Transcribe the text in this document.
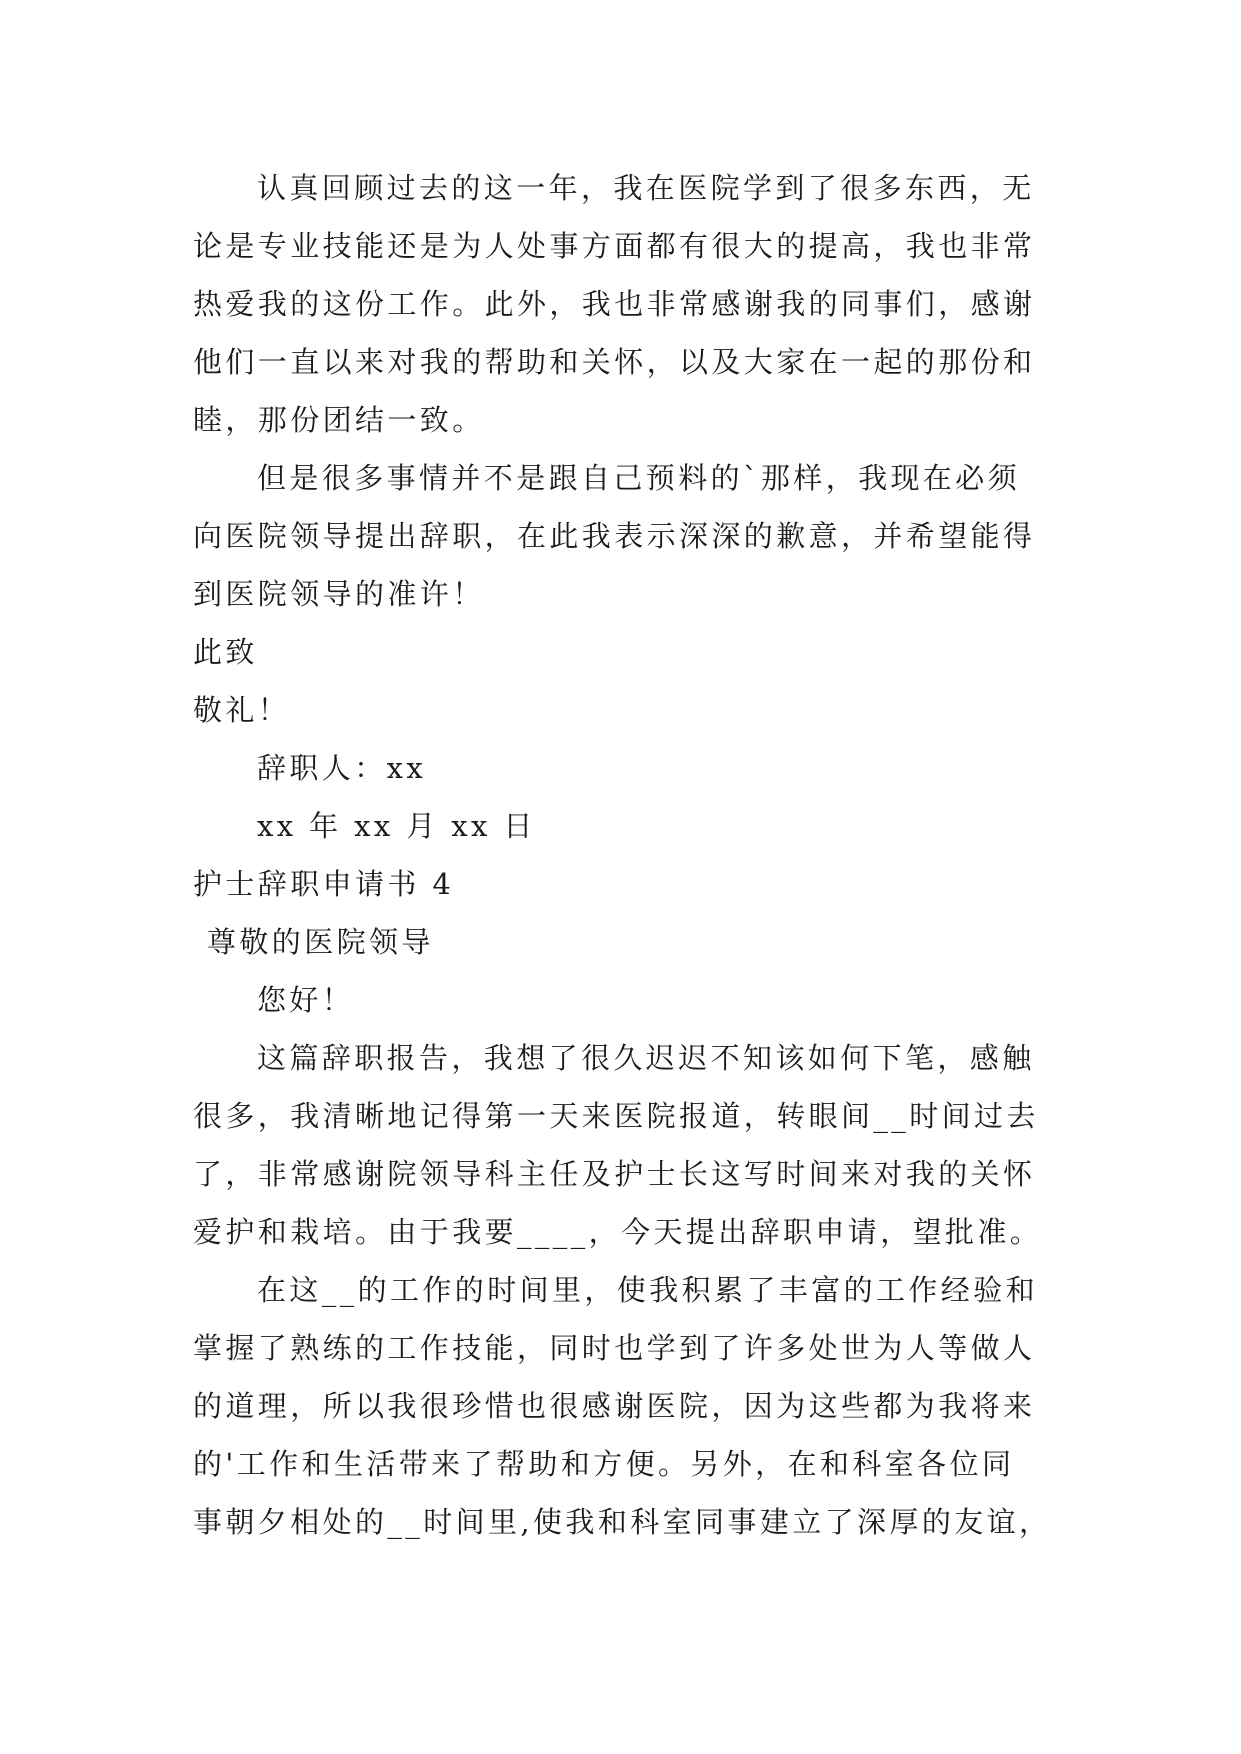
认真回顾过去的这一年，我在医院学到了很多东西，无
论是专业技能还是为人处事方面都有很大的提高，我也非常
热爱我的这份工作。此外，我也非常感谢我的同事们，感谢
他们一直以来对我的帮助和关怀，以及大家在一起的那份和
睦，那份团结一致。
但是很多事情并不是跟自己预料的`那样，我现在必须
向医院领导提出辞职，在此我表示深深的歉意，并希望能得
到医院领导的准许！
此致
敬礼！
辞职人：xx
xx 年 xx 月 xx 日
护士辞职申请书 4
尊敬的医院领导
您好！
这篇辞职报告，我想了很久迟迟不知该如何下笔，感触
很多，我清晰地记得第一天来医院报道，转眼间__时间过去
了，非常感谢院领导科主任及护士长这写时间来对我的关怀
爱护和栽培。由于我要____，今天提出辞职申请，望批准。
在这__的工作的时间里，使我积累了丰富的工作经验和
掌握了熟练的工作技能，同时也学到了许多处世为人等做人
的道理，所以我很珍惜也很感谢医院，因为这些都为我将来
的'工作和生活带来了帮助和方便。另外，在和科室各位同
事朝夕相处的__时间里,使我和科室同事建立了深厚的友谊，
